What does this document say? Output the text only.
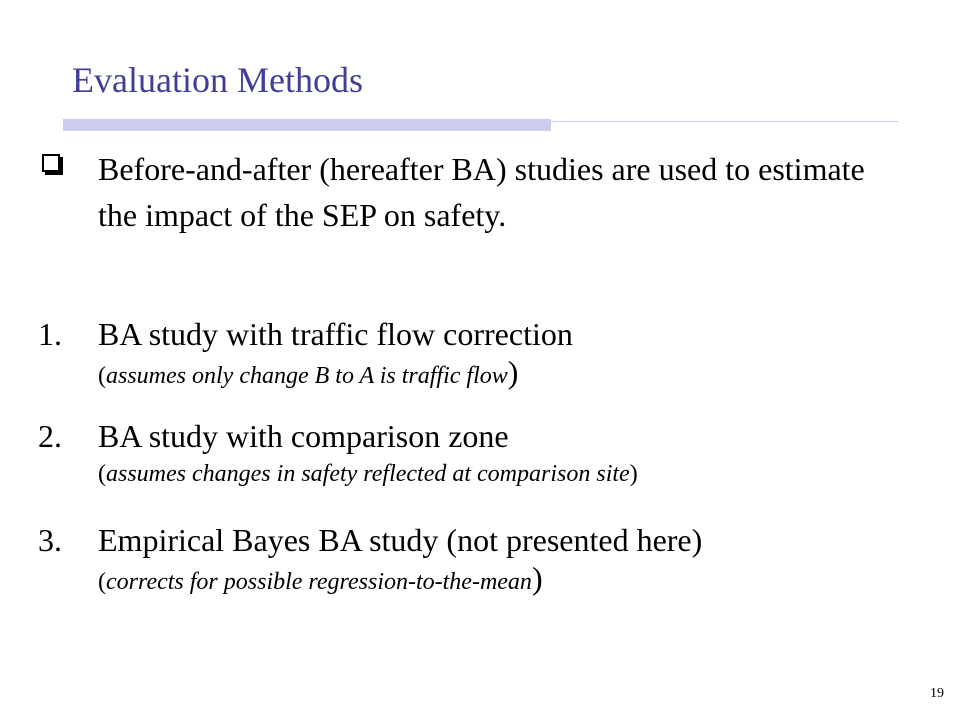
Evaluation Methods
Before-and-after (hereafter BA) studies are used to estimate the impact of the SEP on safety.
1. BA study with traffic flow correction
(assumes only change B to A is traffic flow)
2. BA study with comparison zone
(assumes changes in safety reflected at comparison site)
3. Empirical Bayes BA study (not presented here)
(corrects for possible regression-to-the-mean)
19
